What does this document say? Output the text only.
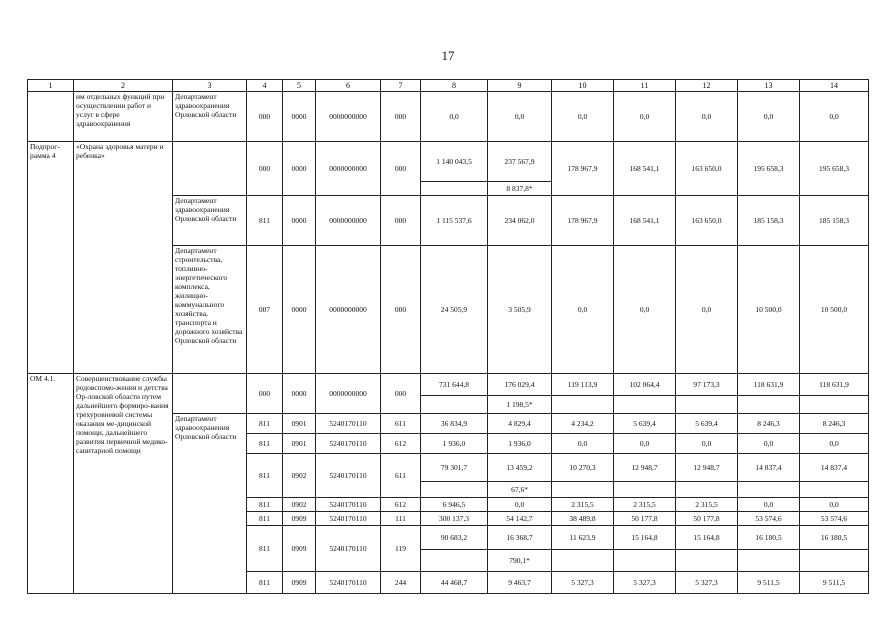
17
1	2	3	4	5	6	7	8	9	10	11	12	13	14
	им отдельных функций при осуществлении работ и услуг в сфере здравоохранения	Департамент здравоохранения Орловской области	000	0000	0000000000	000	0,0	0,0	0,0	0,0	0,0	0,0	0,0
Подпрог-рамма 4	«Охрана здоровья матери и ребенка»		000	0000	0000000000	000	1 140 043,5	237 567,9	178 967,9	168 541,1	163 650,0	195 658,3	195 658,3
								8 837,8*					
		Департамент здравоохранения Орловской области	811	0000	0000000000	000	1 115 537,6	234 062,0	178 967,9	168 541,1	163 650,0	185 158,3	185 158,3
		Департамент строительства, топливно-энергетического комплекса, жилищно-коммунального хозяйства, транспорта и дорожного хозяйства Орловской области	007	0000	0000000000	000	24 505,9	3 505,9	0,0	0,0	0,0	10 500,0	10 500,0
ОМ 4.1.	Совершенствование службы родовспомо-жения и детства Ор-ловской области путем дальнейшего формиро-вания трехуровневой системы оказания ме-дицинской помощи, дальнейшего развития первичной медико-санитарной помощи		000	0000	0000000000	000	731 644,8	176 029,4	119 113,9	102 064,4	97 173,3	118 631,9	118 631,9
								1 198,5*					
		Департамент здравоохранения Орловской области	811	0901	5240170110	611	36 834,9	4 829,4	4 234,2	5 639,4	5 639,4	8 246,3	8 246,3
			811	0901	5240170110	612	1 936,0	1 936,0	0.0	0,0	0,0	0,0	0,0
			811	0902	5240170110	611	79 301,7	13 459,2	10 270,3	12 948,7	12 948,7	14 837,4	14 837,4
								67,6*					
			811	0902	5240170110	612	6 946,5	0,0	2 315,5	2 315,5	2 315,5	0,0	0,0
			811	0909	5240170110	111	300 137,3	54 142,7	38 489,8	50 177,8	50 177,8	53 574,6	53 574,6
			811	0909	5240170110	119	90 683,2	16 368,7	11 623,9	15 164,8	15 164,8	16 180,5	16 180,5
								790,1*					
			811	0909	5240170110	244	44 468,7	9 463,7	5 327,3	5 327,3	5 327,3	9 511,5	9 511,5
